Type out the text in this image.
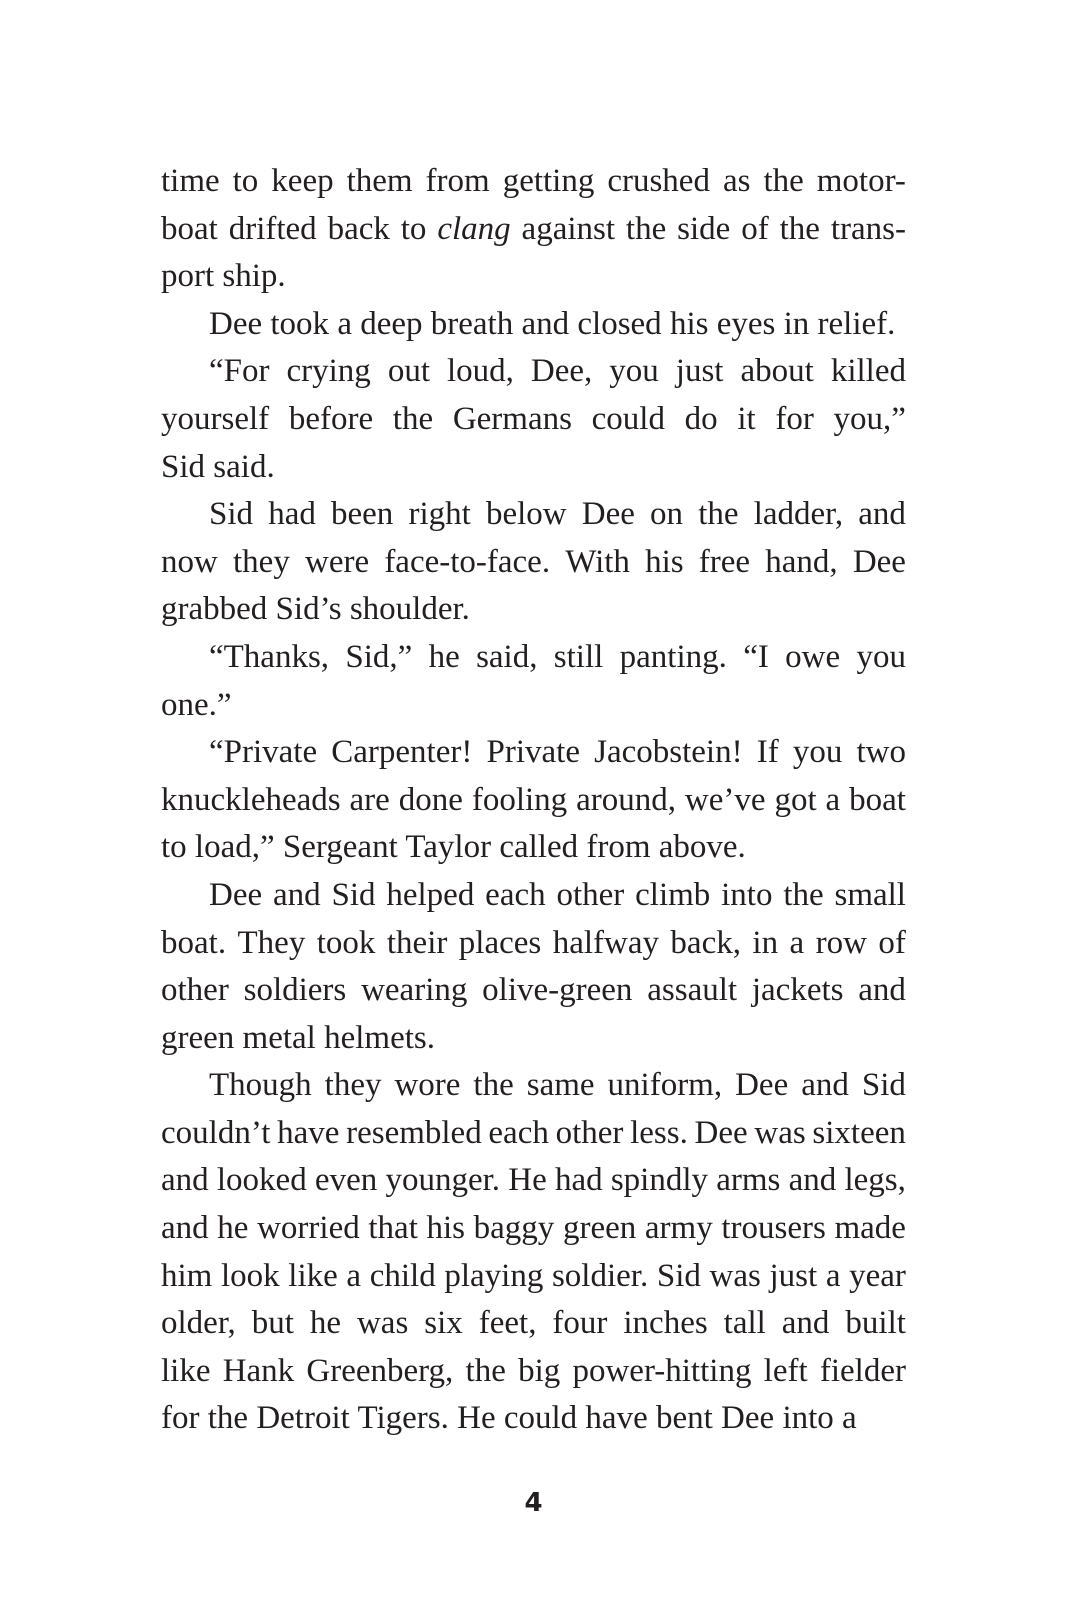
time to keep them from getting crushed as the motor-
boat drifted back to clang against the side of the trans-
port ship.
Dee took a deep breath and closed his eyes in relief.
“For crying out loud, Dee, you just about killed
yourself before the Germans could do it for you,”
Sid said.
Sid had been right below Dee on the ladder, and
now they were face-to-face. With his free hand, Dee
grabbed Sid’s shoulder.
“Thanks, Sid,” he said, still panting. “I owe you
one.”
“Private Carpenter! Private Jacobstein! If you two
knuckleheads are done fooling around, we’ve got a boat
to load,” Sergeant Taylor called from above.
Dee and Sid helped each other climb into the small
boat. They took their places halfway back, in a row of
other soldiers wearing olive-green assault jackets and
green metal helmets.
Though they wore the same uniform, Dee and Sid
couldn’t have resembled each other less. Dee was sixteen
and looked even younger. He had spindly arms and legs,
and he worried that his baggy green army trousers made
him look like a child playing soldier. Sid was just a year
older, but he was six feet, four inches tall and built
like Hank Greenberg, the big power-hitting left fielder
for the Detroit Tigers. He could have bent Dee into a
4
